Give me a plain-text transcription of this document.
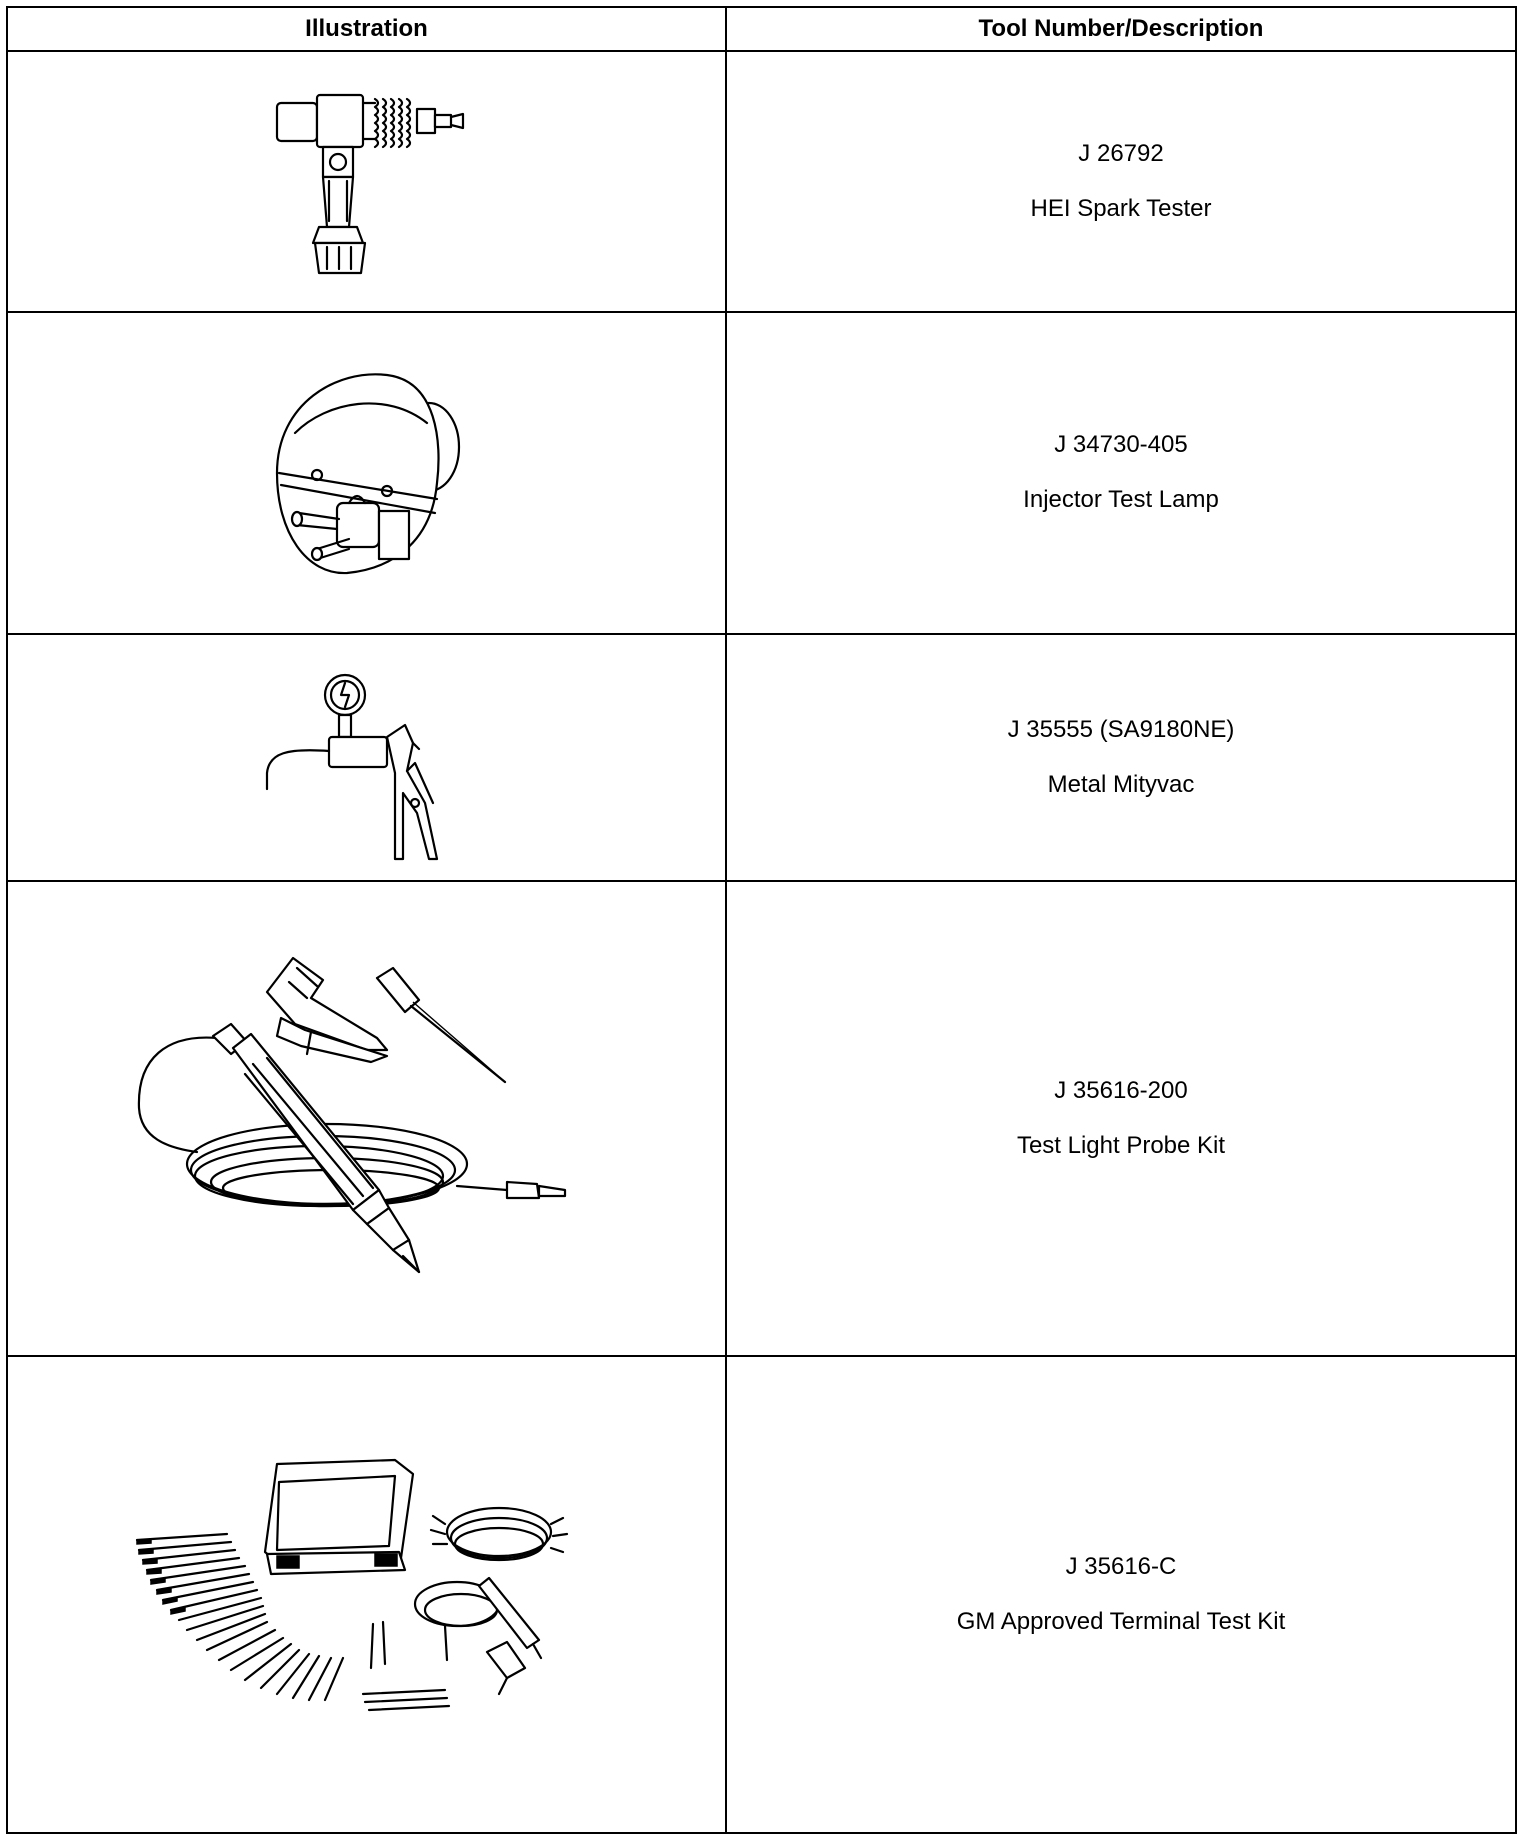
Illustration	Tool Number/Description

J 26792
HEI Spark Tester

J 34730-405
Injector Test Lamp

J 35555 (SA9180NE)
Metal Mityvac

J 35616-200
Test Light Probe Kit

J 35616-C
GM Approved Terminal Test Kit
